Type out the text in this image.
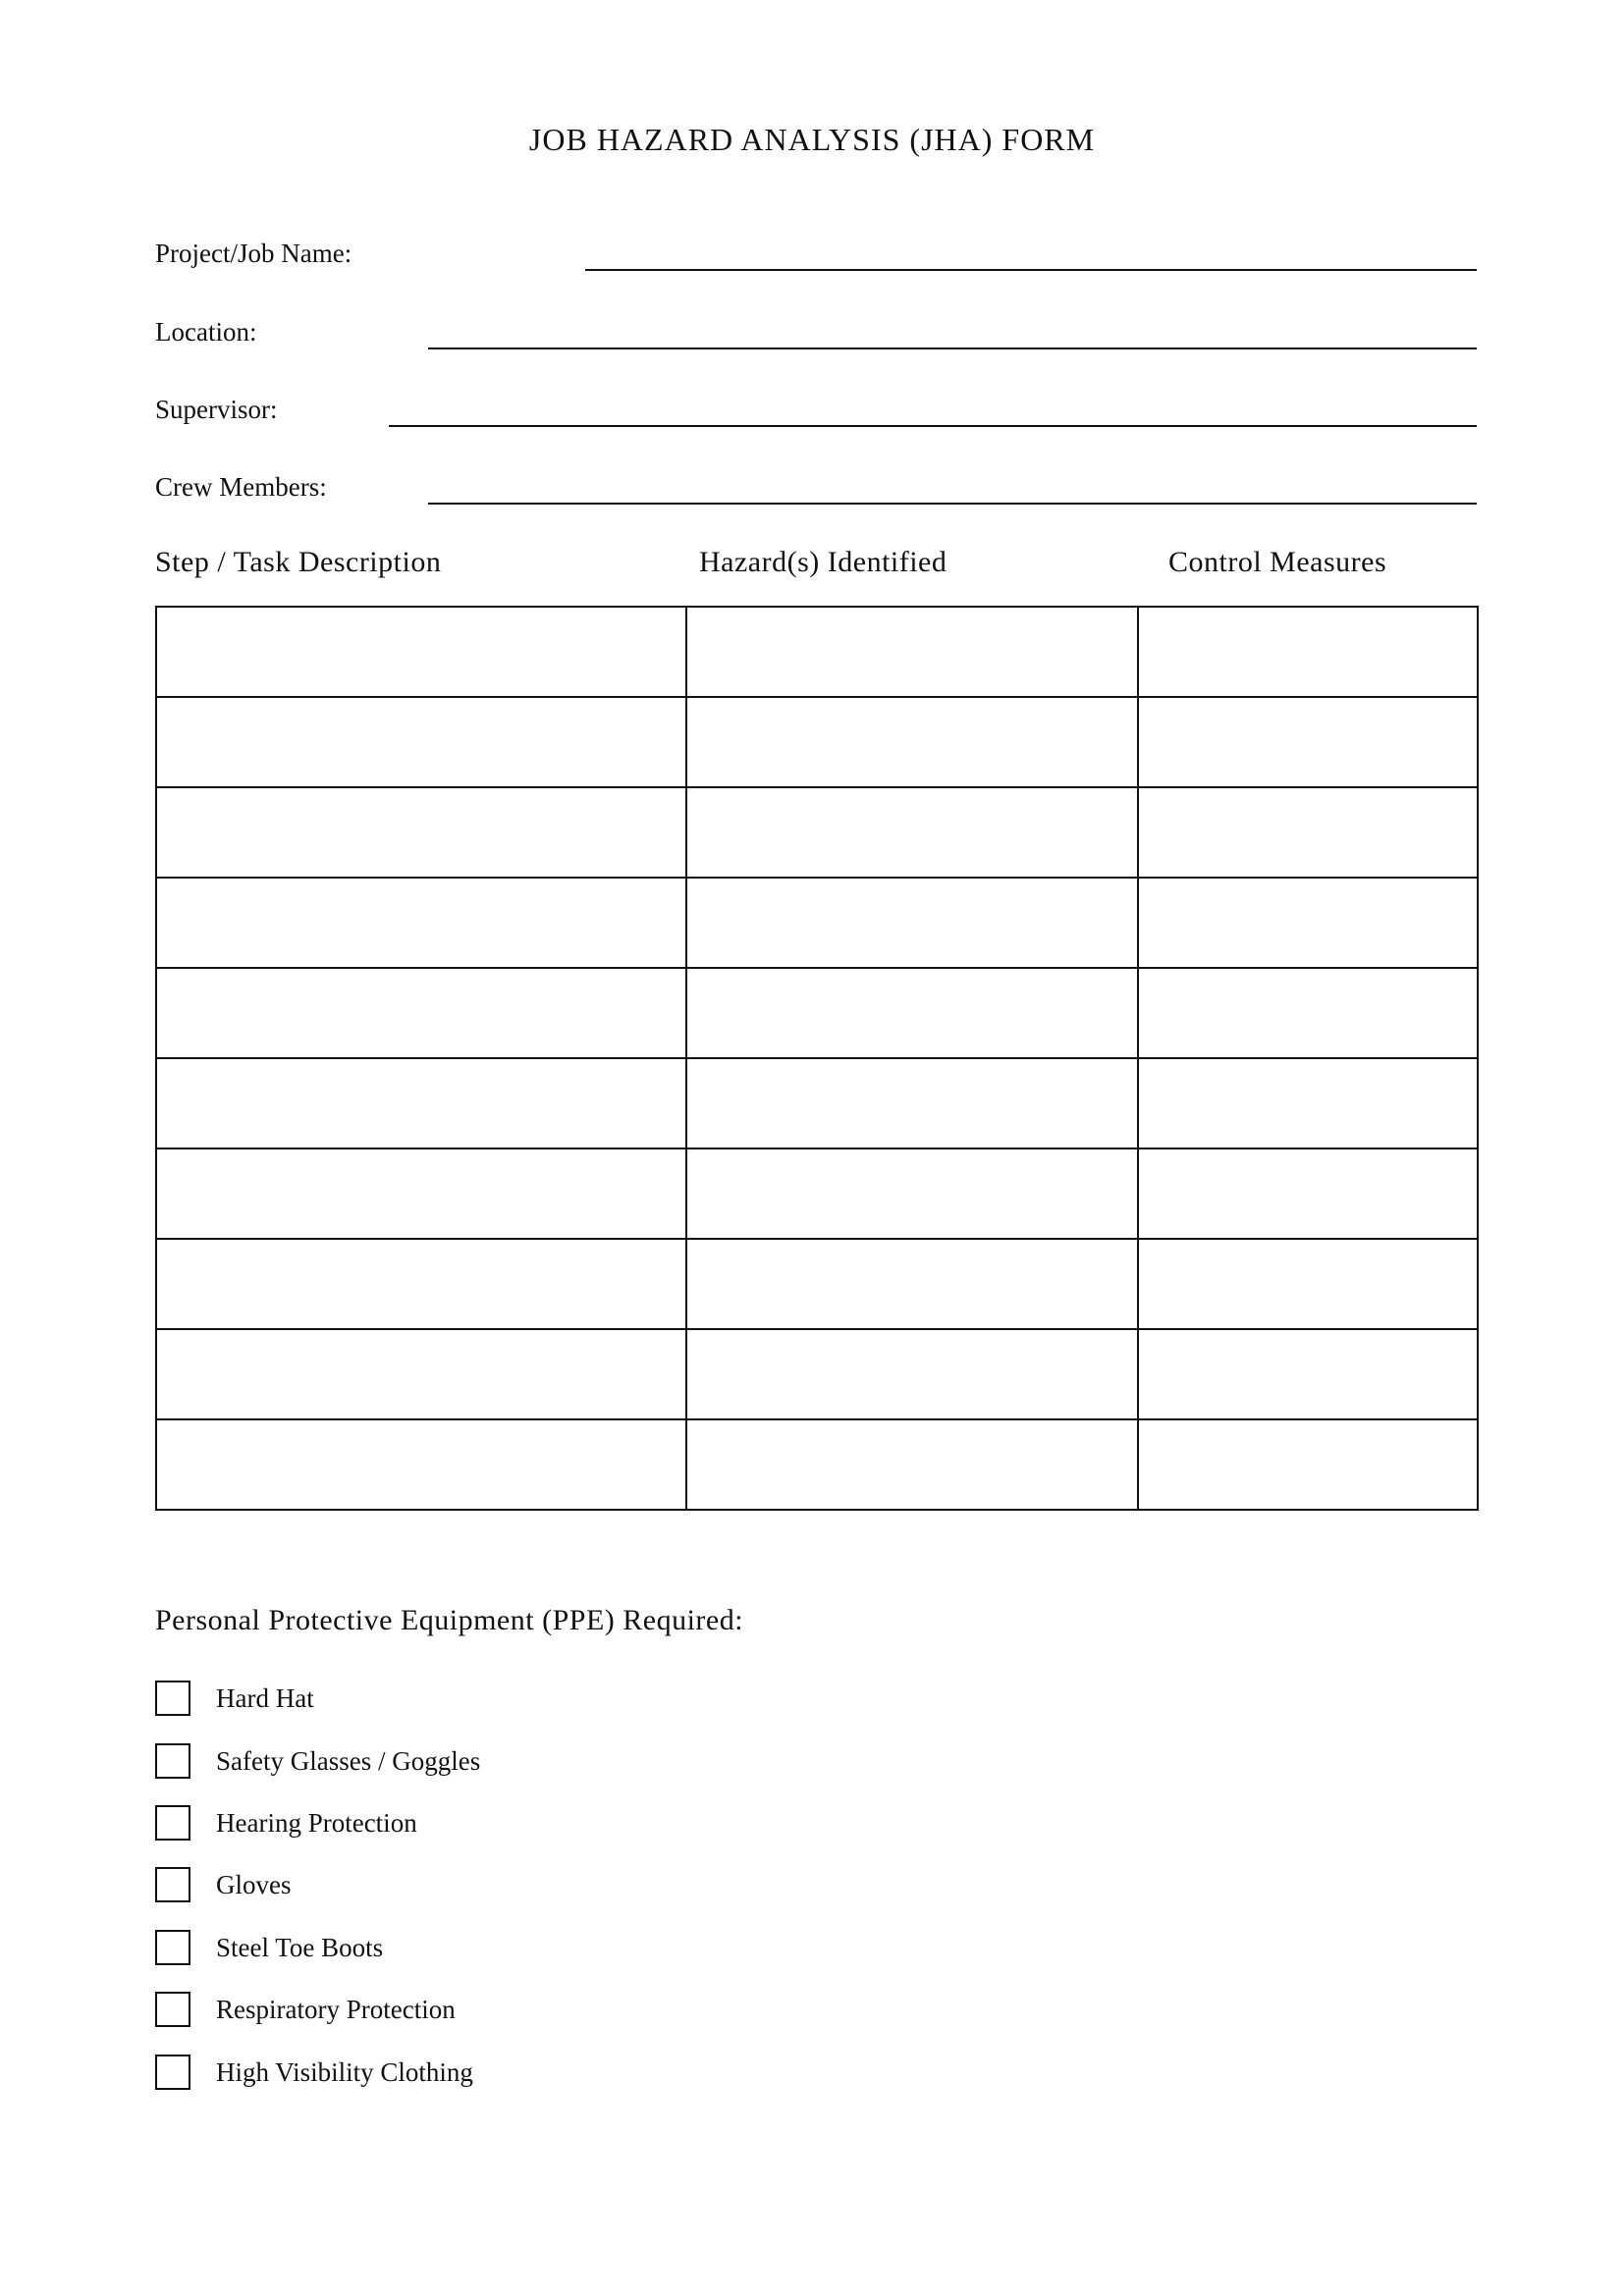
JOB HAZARD ANALYSIS (JHA) FORM
Project/Job Name:
Location:
Supervisor:
Crew Members:
Step / Task Description	Hazard(s) Identified	Control Measures

Personal Protective Equipment (PPE) Required:
Hard Hat
Safety Glasses / Goggles
Hearing Protection
Gloves
Steel Toe Boots
Respiratory Protection
High Visibility Clothing
